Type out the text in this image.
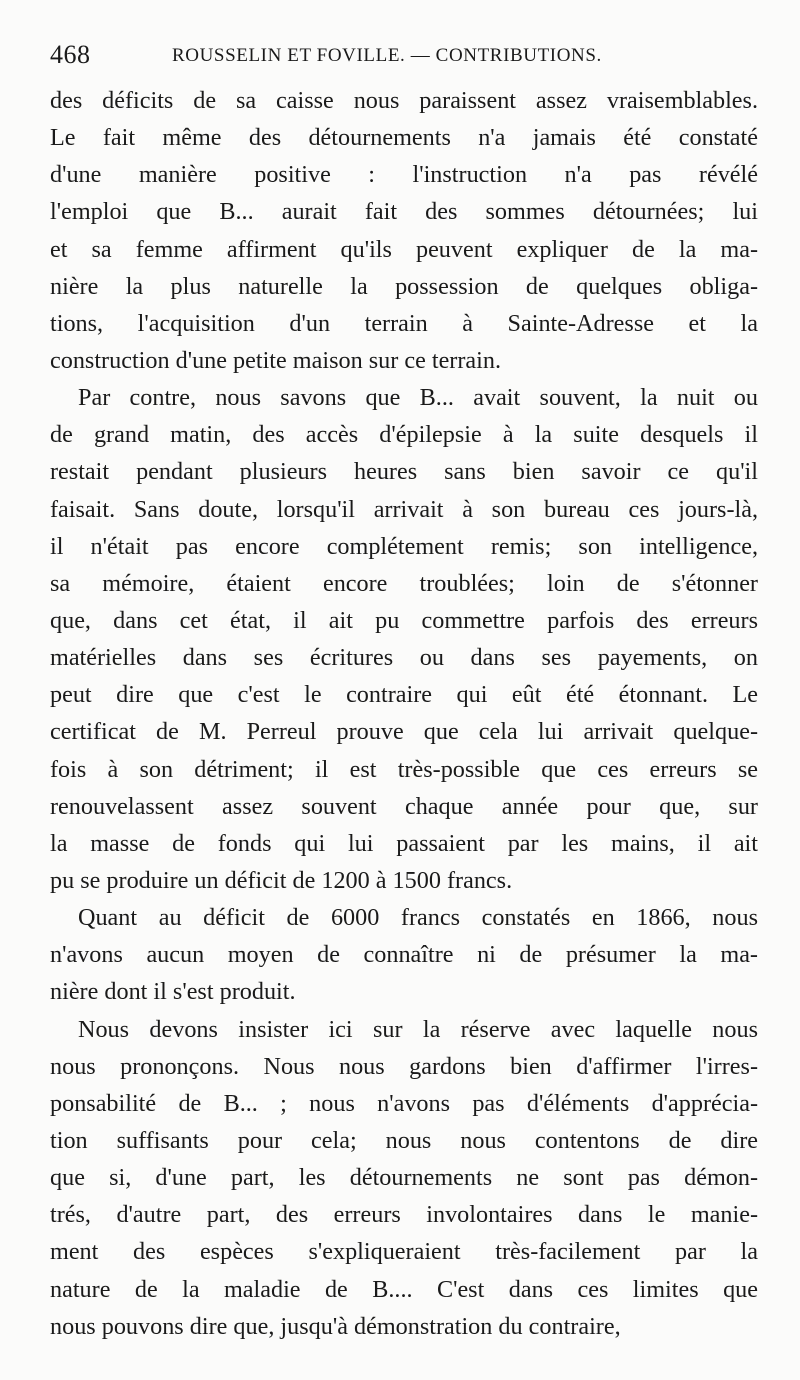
468	ROUSSELIN ET FOVILLE. — CONTRIBUTIONS.
des déficits de sa caisse nous paraissent assez vraisemblables.
Le fait même des détournements n'a jamais été constaté
d'une manière positive : l'instruction n'a pas révélé
l'emploi que B... aurait fait des sommes détournées; lui
et sa femme affirment qu'ils peuvent expliquer de la ma-
nière la plus naturelle la possession de quelques obliga-
tions, l'acquisition d'un terrain à Sainte-Adresse et la
construction d'une petite maison sur ce terrain.
Par contre, nous savons que B... avait souvent, la nuit ou
de grand matin, des accès d'épilepsie à la suite desquels il
restait pendant plusieurs heures sans bien savoir ce qu'il
faisait. Sans doute, lorsqu'il arrivait à son bureau ces jours-là,
il n'était pas encore complétement remis; son intelligence,
sa mémoire, étaient encore troublées; loin de s'étonner
que, dans cet état, il ait pu commettre parfois des erreurs
matérielles dans ses écritures ou dans ses payements, on
peut dire que c'est le contraire qui eût été étonnant. Le
certificat de M. Perreul prouve que cela lui arrivait quelque-
fois à son détriment; il est très-possible que ces erreurs se
renouvelassent assez souvent chaque année pour que, sur
la masse de fonds qui lui passaient par les mains, il ait
pu se produire un déficit de 1200 à 1500 francs.
Quant au déficit de 6000 francs constatés en 1866, nous
n'avons aucun moyen de connaître ni de présumer la ma-
nière dont il s'est produit.
Nous devons insister ici sur la réserve avec laquelle nous
nous prononçons. Nous nous gardons bien d'affirmer l'irres-
ponsabilité de B... ; nous n'avons pas d'éléments d'apprécia-
tion suffisants pour cela; nous nous contentons de dire
que si, d'une part, les détournements ne sont pas démon-
trés, d'autre part, des erreurs involontaires dans le manie-
ment des espèces s'expliqueraient très-facilement par la
nature de la maladie de B.... C'est dans ces limites que
nous pouvons dire que, jusqu'à démonstration du contraire,
